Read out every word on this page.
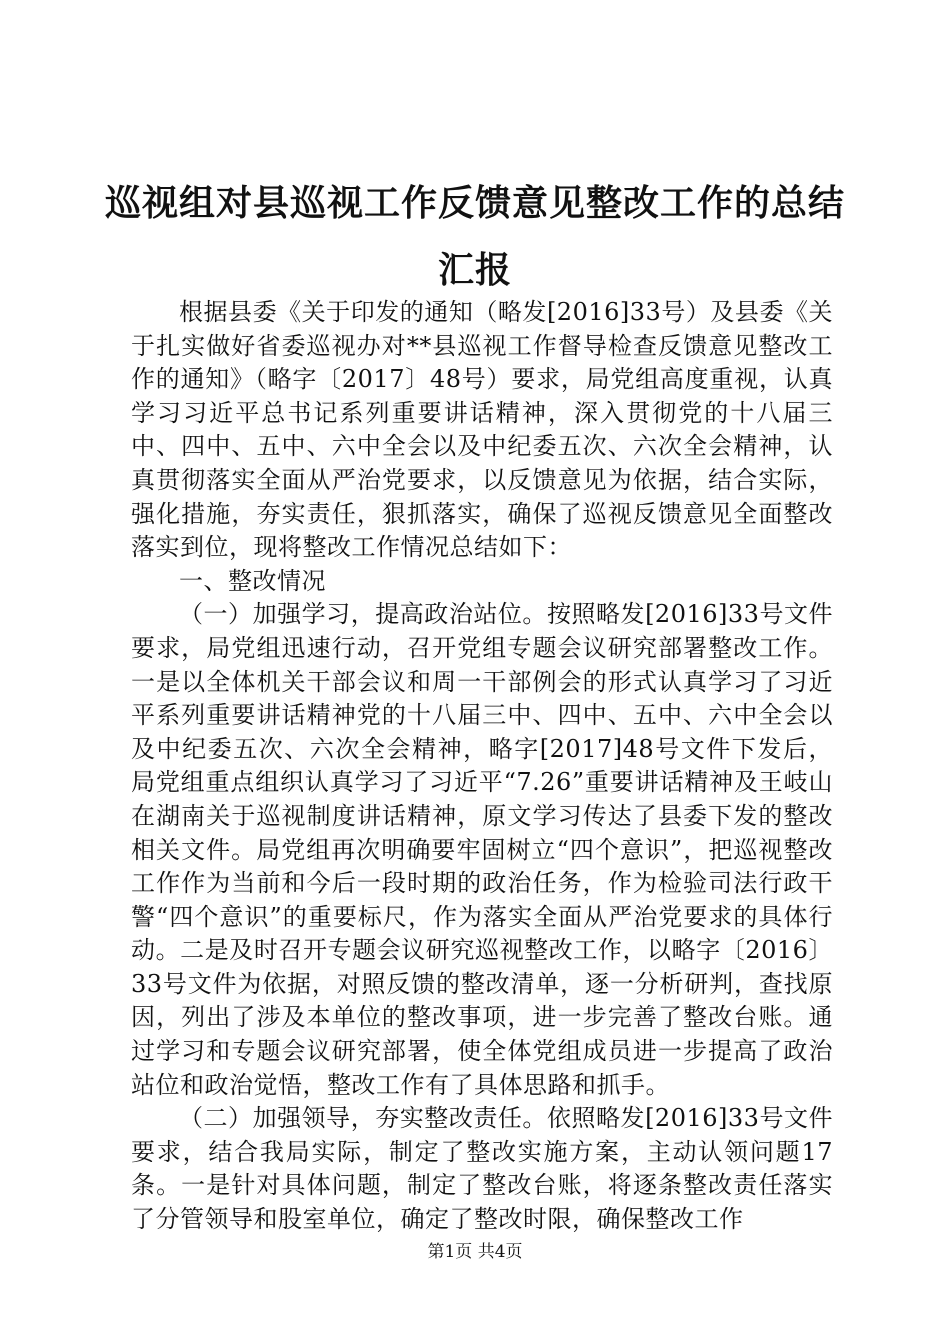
巡视组对县巡视工作反馈意见整改工作的总结
汇报

根据县委《关于印发的通知（略发[2016]33号）及县委《关于扎实做好省委巡视办对**县巡视工作督导检查反馈意见整改工作的通知》（略字〔2017〕48号）要求，局党组高度重视，认真学习习近平总书记系列重要讲话精神，深入贯彻党的十八届三中、四中、五中、六中全会以及中纪委五次、六次全会精神，认真贯彻落实全面从严治党要求，以反馈意见为依据，结合实际，强化措施，夯实责任，狠抓落实，确保了巡视反馈意见全面整改落实到位，现将整改工作情况总结如下：

一、整改情况

（一）加强学习，提高政治站位。按照略发[2016]33号文件要求，局党组迅速行动，召开党组专题会议研究部署整改工作。一是以全体机关干部会议和周一干部例会的形式认真学习了习近平系列重要讲话精神党的十八届三中、四中、五中、六中全会以及中纪委五次、六次全会精神，略字[2017]48号文件下发后，局党组重点组织认真学习了习近平“7.26”重要讲话精神及王岐山在湖南关于巡视制度讲话精神，原文学习传达了县委下发的整改相关文件。局党组再次明确要牢固树立“四个意识”，把巡视整改工作作为当前和今后一段时期的政治任务，作为检验司法行政干警“四个意识”的重要标尺，作为落实全面从严治党要求的具体行动。二是及时召开专题会议研究巡视整改工作，以略字〔2016〕33号文件为依据，对照反馈的整改清单，逐一分析研判，查找原因，列出了涉及本单位的整改事项，进一步完善了整改台账。通过学习和专题会议研究部署，使全体党组成员进一步提高了政治站位和政治觉悟，整改工作有了具体思路和抓手。

（二）加强领导，夯实整改责任。依照略发[2016]33号文件要求，结合我局实际，制定了整改实施方案，主动认领问题17条。一是针对具体问题，制定了整改台账，将逐条整改责任落实了分管领导和股室单位，确定了整改时限，确保整改工作

第1页 共4页
